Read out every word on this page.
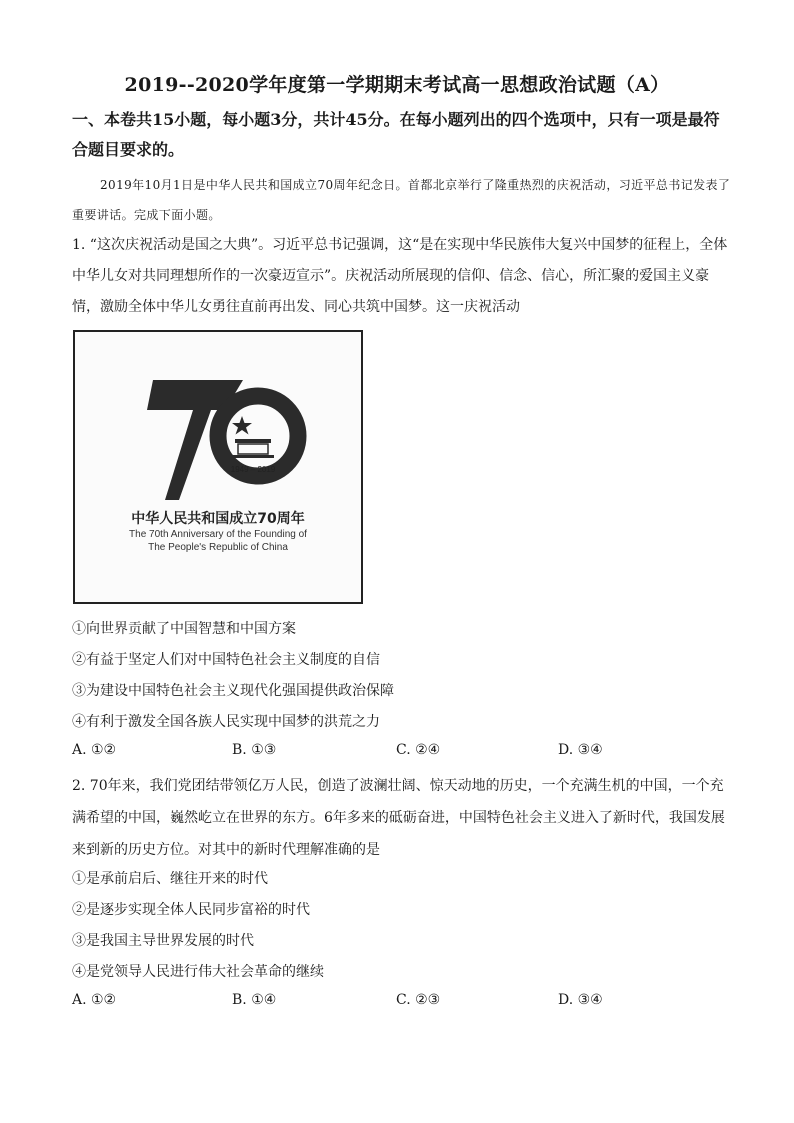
2019--2020学年度第一学期期末考试高一思想政治试题（A）
一、本卷共15小题，每小题3分，共计45分。在每小题列出的四个选项中，只有一项是最符合题目要求的。
2019年10月1日是中华人民共和国成立70周年纪念日。首都北京举行了隆重热烈的庆祝活动，习近平总书记发表了重要讲话。完成下面小题。
1. “这次庆祝活动是国之大典”。习近平总书记强调，这“是在实现中华民族伟大复兴中国梦的征程上，全体中华儿女对共同理想所作的一次豪迈宣示”。庆祝活动所展现的信仰、信念、信心，所汇聚的爱国主义豪情，激励全体中华儿女勇往直前再出发、同心共筑中国梦。这一庆祝活动
1949 – 2019
中华人民共和国成立70周年
The 70th Anniversary of the Founding of
The People's Republic of China
①向世界贡献了中国智慧和中国方案
②有益于坚定人们对中国特色社会主义制度的自信
③为建设中国特色社会主义现代化强国提供政治保障
④有利于激发全国各族人民实现中国梦的洪荒之力
A. ①②	B. ①③	C. ②④	D. ③④
2. 70年来，我们党团结带领亿万人民，创造了波澜壮阔、惊天动地的历史，一个充满生机的中国，一个充满希望的中国，巍然屹立在世界的东方。6年多来的砥砺奋进，中国特色社会主义进入了新时代，我国发展来到新的历史方位。对其中的新时代理解准确的是
①是承前启后、继往开来的时代
②是逐步实现全体人民同步富裕的时代
③是我国主导世界发展的时代
④是党领导人民进行伟大社会革命的继续
A. ①②	B. ①④	C. ②③	D. ③④
